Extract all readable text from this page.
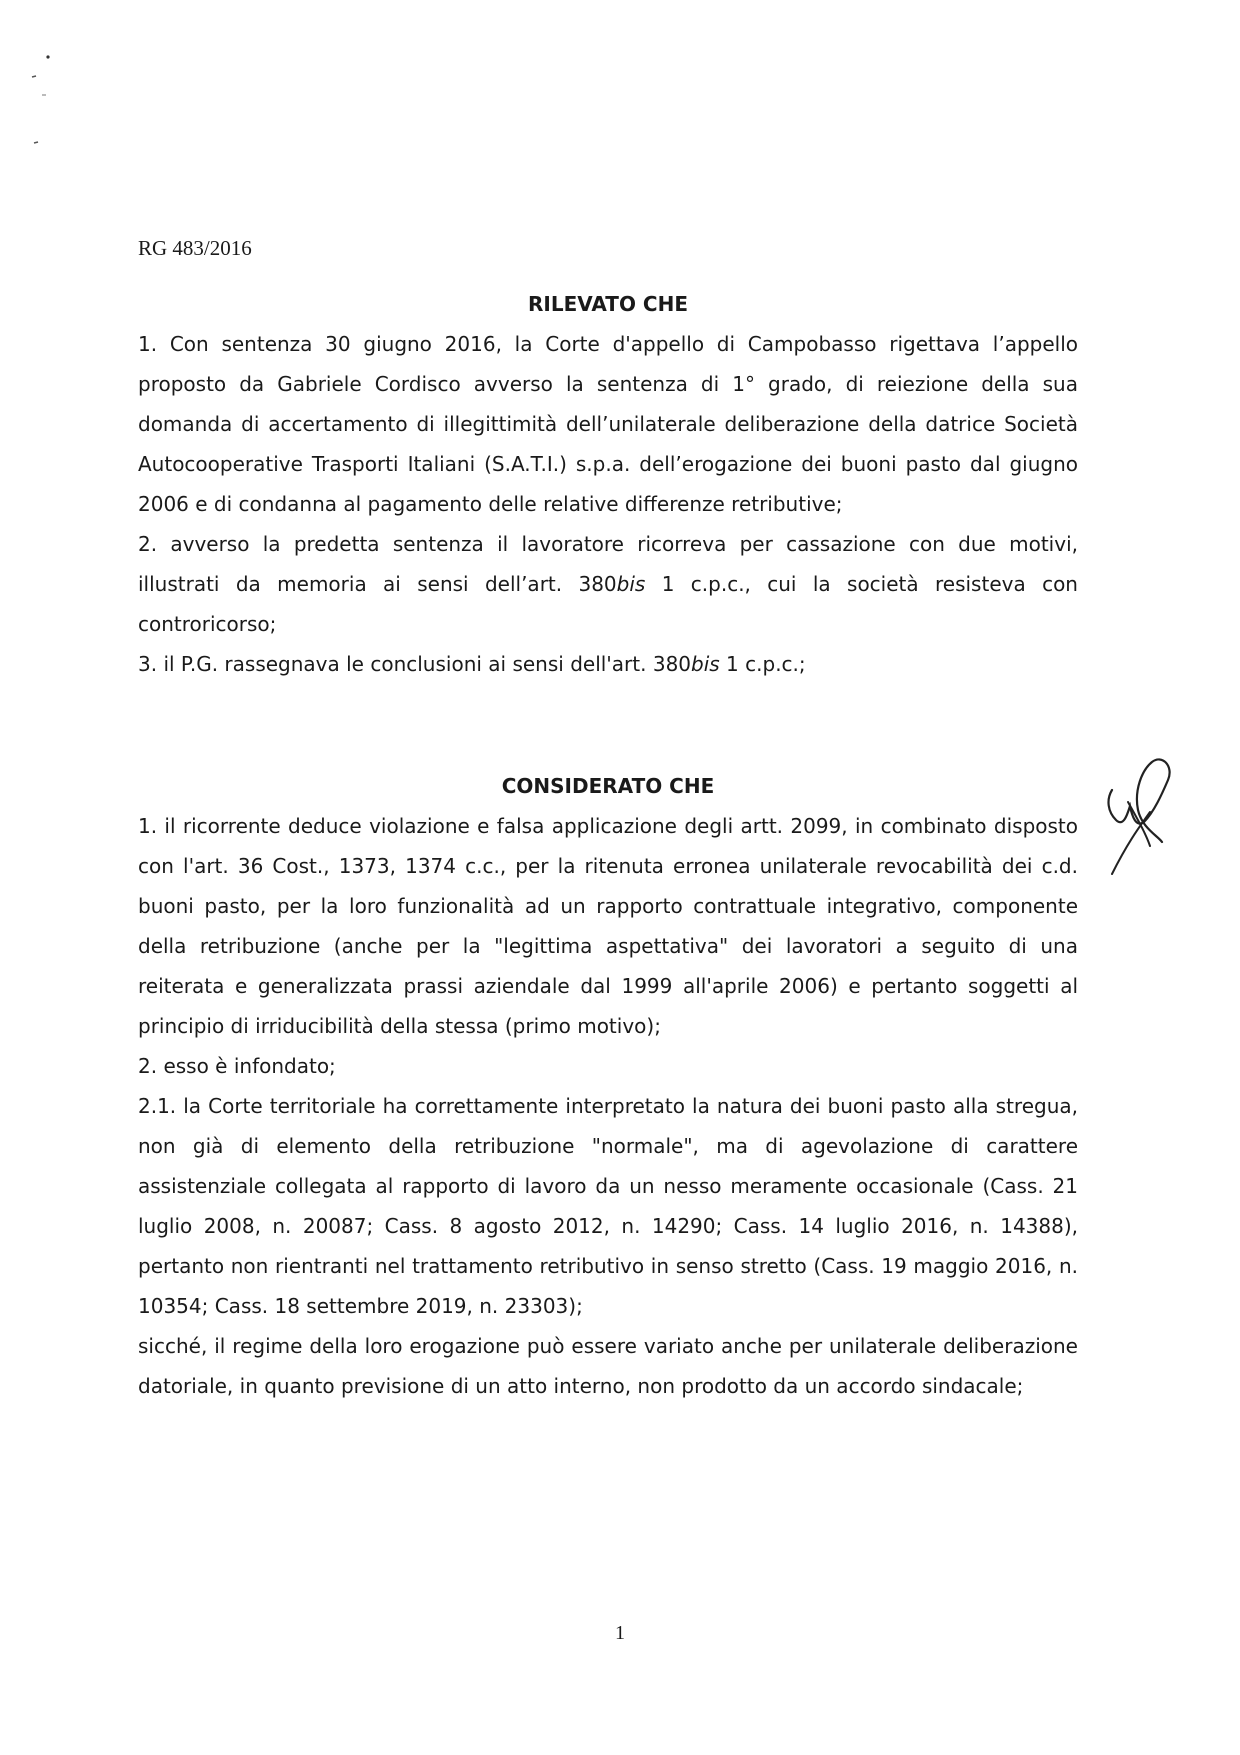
RG 483/2016
RILEVATO CHE

1. Con sentenza 30 giugno 2016, la Corte d'appello di Campobasso rigettava l’appello proposto da Gabriele Cordisco avverso la sentenza di 1° grado, di reiezione della sua domanda di accertamento di illegittimità dell’unilaterale deliberazione della datrice Società Autocooperative Trasporti Italiani (S.A.T.I.) s.p.a. dell’erogazione dei buoni pasto dal giugno 2006 e di condanna al pagamento delle relative differenze retributive;

2. avverso la predetta sentenza il lavoratore ricorreva per cassazione con due motivi, illustrati da memoria ai sensi dell’art. 380bis 1 c.p.c., cui la società resisteva con controricorso;

3. il P.G. rassegnava le conclusioni ai sensi dell'art. 380bis 1 c.p.c.;

CONSIDERATO CHE

1. il ricorrente deduce violazione e falsa applicazione degli artt. 2099, in combinato disposto con l'art. 36 Cost., 1373, 1374 c.c., per la ritenuta erronea unilaterale revocabilità dei c.d. buoni pasto, per la loro funzionalità ad un rapporto contrattuale integrativo, componente della retribuzione (anche per la "legittima aspettativa" dei lavoratori a seguito di una reiterata e generalizzata prassi aziendale dal 1999 all'aprile 2006) e pertanto soggetti al principio di irriducibilità della stessa (primo motivo);

2. esso è infondato;

2.1. la Corte territoriale ha correttamente interpretato la natura dei buoni pasto alla stregua, non già di elemento della retribuzione "normale", ma di agevolazione di carattere assistenziale collegata al rapporto di lavoro da un nesso meramente occasionale (Cass. 21 luglio 2008, n. 20087; Cass. 8 agosto 2012, n. 14290; Cass. 14 luglio 2016, n. 14388), pertanto non rientranti nel trattamento retributivo in senso stretto (Cass. 19 maggio 2016, n. 10354; Cass. 18 settembre 2019, n. 23303);

sicché, il regime della loro erogazione può essere variato anche per unilaterale deliberazione datoriale, in quanto previsione di un atto interno, non prodotto da un accordo sindacale;

1
